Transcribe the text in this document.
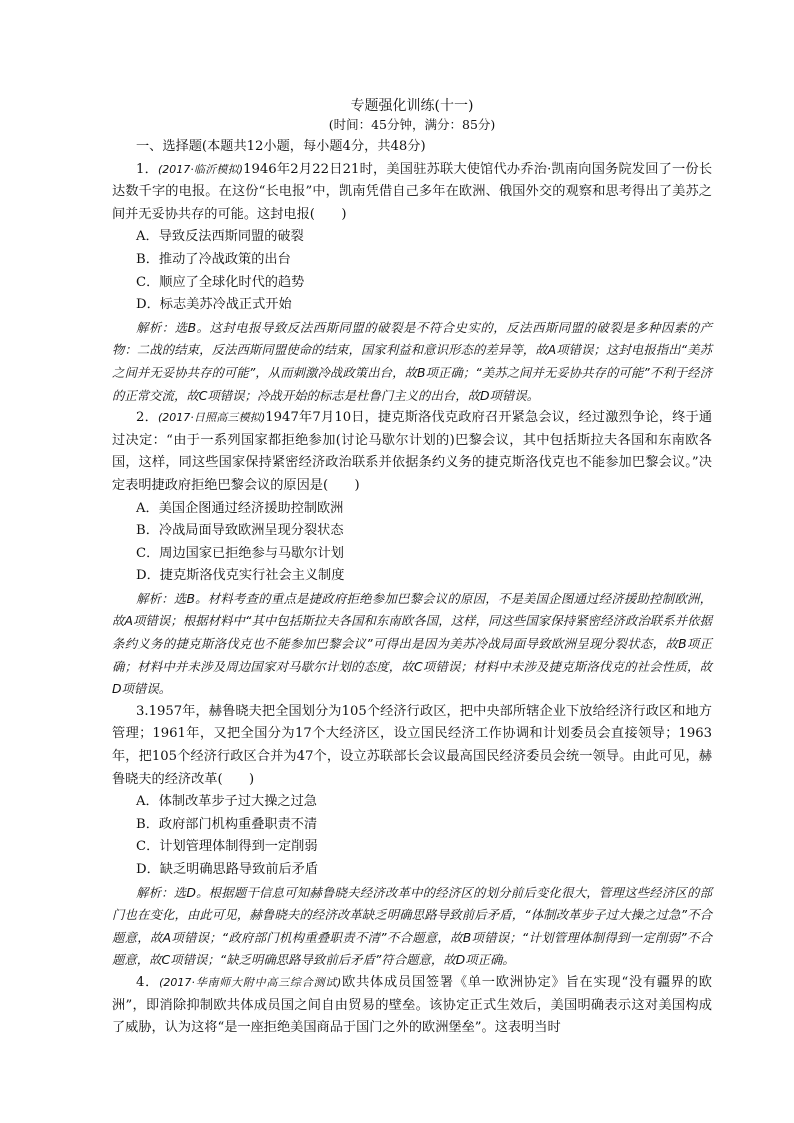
专题强化训练(十一)
(时间：45分钟，满分：85分)

一、选择题(本题共12小题，每小题4分，共48分)

1．(2017·临沂模拟)1946年2月22日21时，美国驻苏联大使馆代办乔治·凯南向国务院发回了一份长达数千字的电报。在这份“长电报”中，凯南凭借自己多年在欧洲、俄国外交的观察和思考得出了美苏之间并无妥协共存的可能。这封电报(　　)

A．导致反法西斯同盟的破裂

B．推动了冷战政策的出台

C．顺应了全球化时代的趋势

D．标志美苏冷战正式开始

解析：选B。这封电报导致反法西斯同盟的破裂是不符合史实的，反法西斯同盟的破裂是多种因素的产物：二战的结束，反法西斯同盟使命的结束，国家利益和意识形态的差异等，故A项错误；这封电报指出“美苏之间并无妥协共存的可能”，从而刺激冷战政策出台，故B项正确；“美苏之间并无妥协共存的可能”不利于经济的正常交流，故C项错误；冷战开始的标志是杜鲁门主义的出台，故D项错误。

2．(2017·日照高三模拟)1947年7月10日，捷克斯洛伐克政府召开紧急会议，经过激烈争论，终于通过决定：“由于一系列国家都拒绝参加(讨论马歇尔计划的)巴黎会议，其中包括斯拉夫各国和东南欧各国，这样，同这些国家保持紧密经济政治联系并依据条约义务的捷克斯洛伐克也不能参加巴黎会议。”决定表明捷政府拒绝巴黎会议的原因是(　　)

A．美国企图通过经济援助控制欧洲

B．冷战局面导致欧洲呈现分裂状态

C．周边国家已拒绝参与马歇尔计划

D．捷克斯洛伐克实行社会主义制度

解析：选B。材料考查的重点是捷政府拒绝参加巴黎会议的原因，不是美国企图通过经济援助控制欧洲，故A项错误；根据材料中“其中包括斯拉夫各国和东南欧各国，这样，同这些国家保持紧密经济政治联系并依据条约义务的捷克斯洛伐克也不能参加巴黎会议”可得出是因为美苏冷战局面导致欧洲呈现分裂状态，故B项正确；材料中并未涉及周边国家对马歇尔计划的态度，故C项错误；材料中未涉及捷克斯洛伐克的社会性质，故D项错误。

3.1957年，赫鲁晓夫把全国划分为105个经济行政区，把中央部所辖企业下放给经济行政区和地方管理；1961年，又把全国分为17个大经济区，设立国民经济工作协调和计划委员会直接领导；1963年，把105个经济行政区合并为47个，设立苏联部长会议最高国民经济委员会统一领导。由此可见，赫鲁晓夫的经济改革(　　)

A．体制改革步子过大操之过急

B．政府部门机构重叠职责不清

C．计划管理体制得到一定削弱

D．缺乏明确思路导致前后矛盾

解析：选D。根据题干信息可知赫鲁晓夫经济改革中的经济区的划分前后变化很大，管理这些经济区的部门也在变化，由此可见，赫鲁晓夫的经济改革缺乏明确思路导致前后矛盾，“体制改革步子过大操之过急”不合题意，故A项错误；“政府部门机构重叠职责不清”不合题意，故B项错误；“计划管理体制得到一定削弱”不合题意，故C项错误；“缺乏明确思路导致前后矛盾”符合题意，故D项正确。

4．(2017·华南师大附中高三综合测试)欧共体成员国签署《单一欧洲协定》旨在实现“没有疆界的欧洲”，即消除抑制欧共体成员国之间自由贸易的壁垒。该协定正式生效后，美国明确表示这对美国构成了威胁，认为这将“是一座拒绝美国商品于国门之外的欧洲堡垒”。这表明当时
